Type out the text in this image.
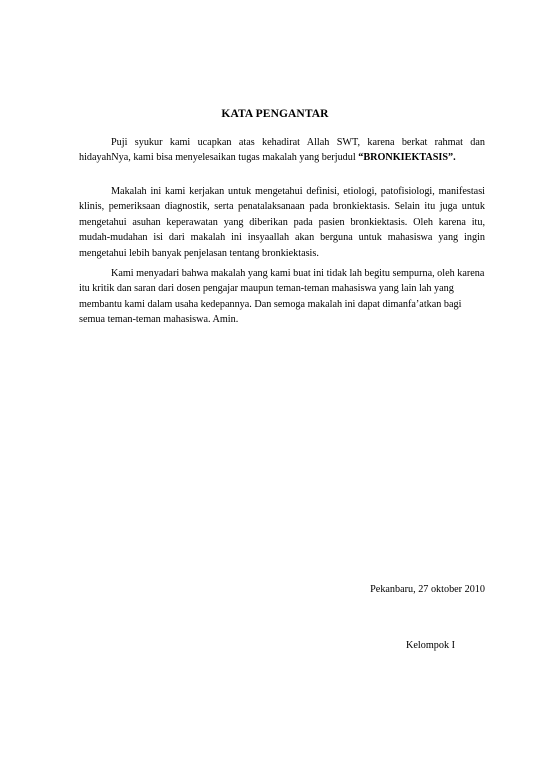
KATA PENGANTAR

Puji syukur kami ucapkan atas kehadirat Allah SWT, karena berkat rahmat dan hidayahNya, kami bisa menyelesaikan tugas makalah yang berjudul “BRONKIEKTASIS”.

Makalah ini kami kerjakan untuk mengetahui definisi, etiologi, patofisiologi, manifestasi klinis, pemeriksaan diagnostik, serta penatalaksanaan pada bronkiektasis. Selain itu juga untuk mengetahui asuhan keperawatan yang diberikan pada pasien bronkiektasis. Oleh karena itu, mudah-mudahan isi dari makalah ini insyaallah akan berguna untuk mahasiswa yang ingin mengetahui lebih banyak penjelasan tentang bronkiektasis.

Kami menyadari bahwa makalah yang kami buat ini tidak lah begitu sempurna, oleh karena itu kritik dan saran dari dosen pengajar maupun teman-teman mahasiswa yang lain lah yang membantu kami dalam usaha kedepannya. Dan semoga makalah ini dapat dimanfa’atkan bagi semua teman-teman mahasiswa. Amin.

Pekanbaru, 27 oktober 2010
Kelompok I
